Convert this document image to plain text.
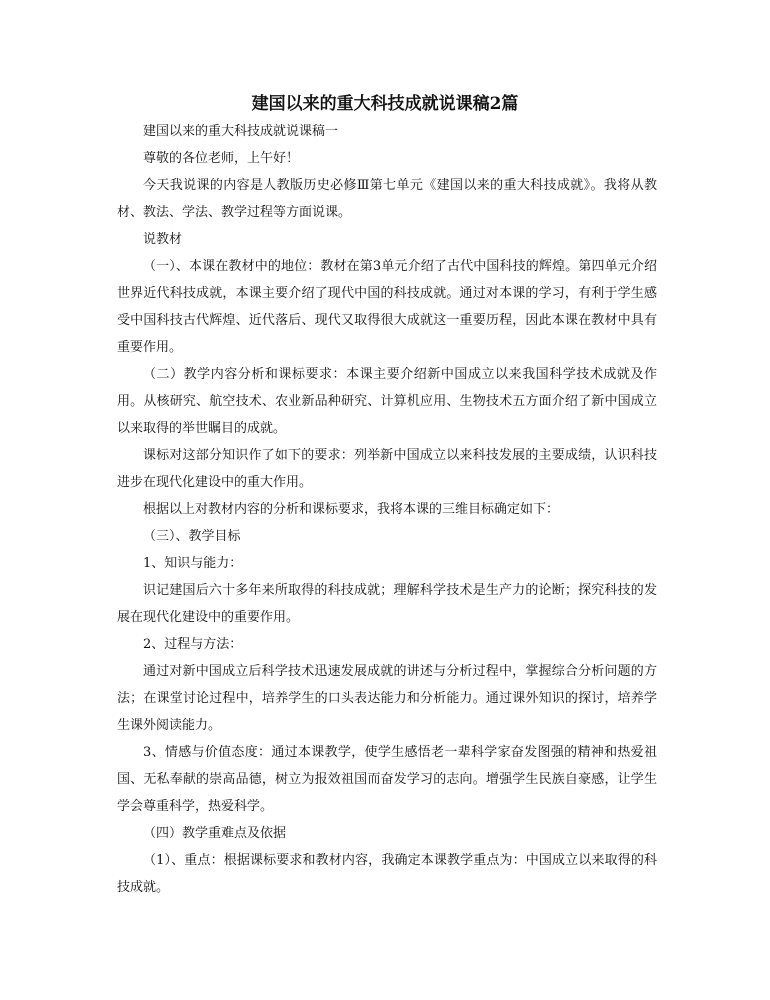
建国以来的重大科技成就说课稿2篇

建国以来的重大科技成就说课稿一

尊敬的各位老师，上午好！

今天我说课的内容是人教版历史必修Ⅲ第七单元《建国以来的重大科技成就》。我将从教材、教法、学法、教学过程等方面说课。

说教材

（一）、本课在教材中的地位：教材在第3单元介绍了古代中国科技的辉煌。第四单元介绍世界近代科技成就，本课主要介绍了现代中国的科技成就。通过对本课的学习，有利于学生感受中国科技古代辉煌、近代落后、现代又取得很大成就这一重要历程，因此本课在教材中具有重要作用。

（二）教学内容分析和课标要求：本课主要介绍新中国成立以来我国科学技术成就及作用。从核研究、航空技术、农业新品种研究、计算机应用、生物技术五方面介绍了新中国成立以来取得的举世瞩目的成就。

课标对这部分知识作了如下的要求：列举新中国成立以来科技发展的主要成绩，认识科技进步在现代化建设中的重大作用。

根据以上对教材内容的分析和课标要求，我将本课的三维目标确定如下：

（三）、教学目标

1、知识与能力：

识记建国后六十多年来所取得的科技成就；理解科学技术是生产力的论断；探究科技的发展在现代化建设中的重要作用。

2、过程与方法：

通过对新中国成立后科学技术迅速发展成就的讲述与分析过程中，掌握综合分析问题的方法；在课堂讨论过程中，培养学生的口头表达能力和分析能力。通过课外知识的探讨，培养学生课外阅读能力。

3、情感与价值态度：通过本课教学，使学生感悟老一辈科学家奋发图强的精神和热爱祖国、无私奉献的崇高品德，树立为报效祖国而奋发学习的志向。增强学生民族自豪感，让学生学会尊重科学，热爱科学。

（四）教学重难点及依据

（1）、重点：根据课标要求和教材内容，我确定本课教学重点为：中国成立以来取得的科技成就。
